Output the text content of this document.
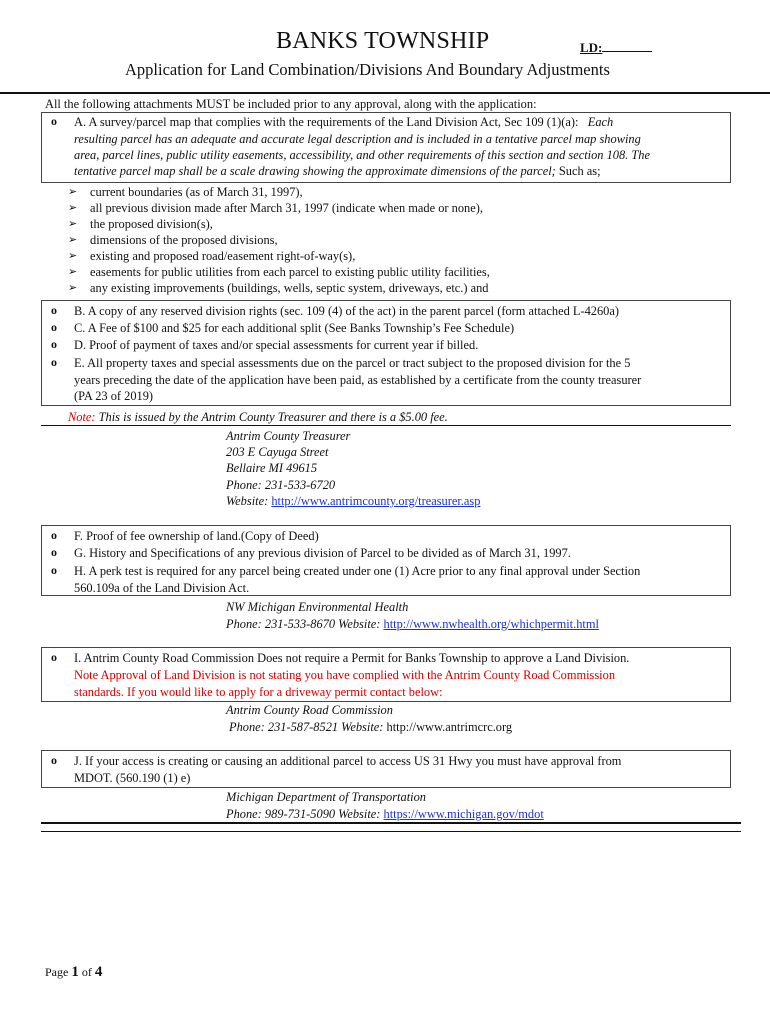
BANKS TOWNSHIP	LD:
Application for Land Combination/Divisions And Boundary Adjustments
All the following attachments MUST be included prior to any approval, along with the application:
o	A. A survey/parcel map that complies with the requirements of the Land Division Act, Sec 109 (1)(a): Each
resulting parcel has an adequate and accurate legal description and is included in a tentative parcel map showing
area, parcel lines, public utility easements, accessibility, and other requirements of this section and section 108. The
tentative parcel map shall be a scale drawing showing the approximate dimensions of the parcel; Such as;
➢ current boundaries (as of March 31, 1997),
➢ all previous division made after March 31, 1997 (indicate when made or none),
➢ the proposed division(s),
➢ dimensions of the proposed divisions,
➢ existing and proposed road/easement right-of-way(s),
➢ easements for public utilities from each parcel to existing public utility facilities,
➢ any existing improvements (buildings, wells, septic system, driveways, etc.) and
o	B. A copy of any reserved division rights (sec. 109 (4) of the act) in the parent parcel (form attached L-4260a)
o	C. A Fee of $100 and $25 for each additional split (See Banks Township’s Fee Schedule)
o	D. Proof of payment of taxes and/or special assessments for current year if billed.
o	E. All property taxes and special assessments due on the parcel or tract subject to the proposed division for the 5
years preceding the date of the application have been paid, as established by a certificate from the county treasurer
(PA 23 of 2019)
Note: This is issued by the Antrim County Treasurer and there is a $5.00 fee.
Antrim County Treasurer
203 E Cayuga Street
Bellaire MI 49615
Phone: 231-533-6720
Website: http://www.antrimcounty.org/treasurer.asp
o	F. Proof of fee ownership of land.(Copy of Deed)
o	G. History and Specifications of any previous division of Parcel to be divided as of March 31, 1997.
o	H. A perk test is required for any parcel being created under one (1) Acre prior to any final approval under Section
560.109a of the Land Division Act.
NW Michigan Environmental Health
Phone: 231-533-8670 Website: http://www.nwhealth.org/whichpermit.html
o	I. Antrim County Road Commission Does not require a Permit for Banks Township to approve a Land Division.
Note Approval of Land Division is not stating you have complied with the Antrim County Road Commission
standards. If you would like to apply for a driveway permit contact below:
Antrim County Road Commission
Phone: 231-587-8521 Website: http://www.antrimcrc.org
o	J. If your access is creating or causing an additional parcel to access US 31 Hwy you must have approval from
MDOT. (560.190 (1) e)
Michigan Department of Transportation
Phone: 989-731-5090 Website: https://www.michigan.gov/mdot
Page 1 of 4
